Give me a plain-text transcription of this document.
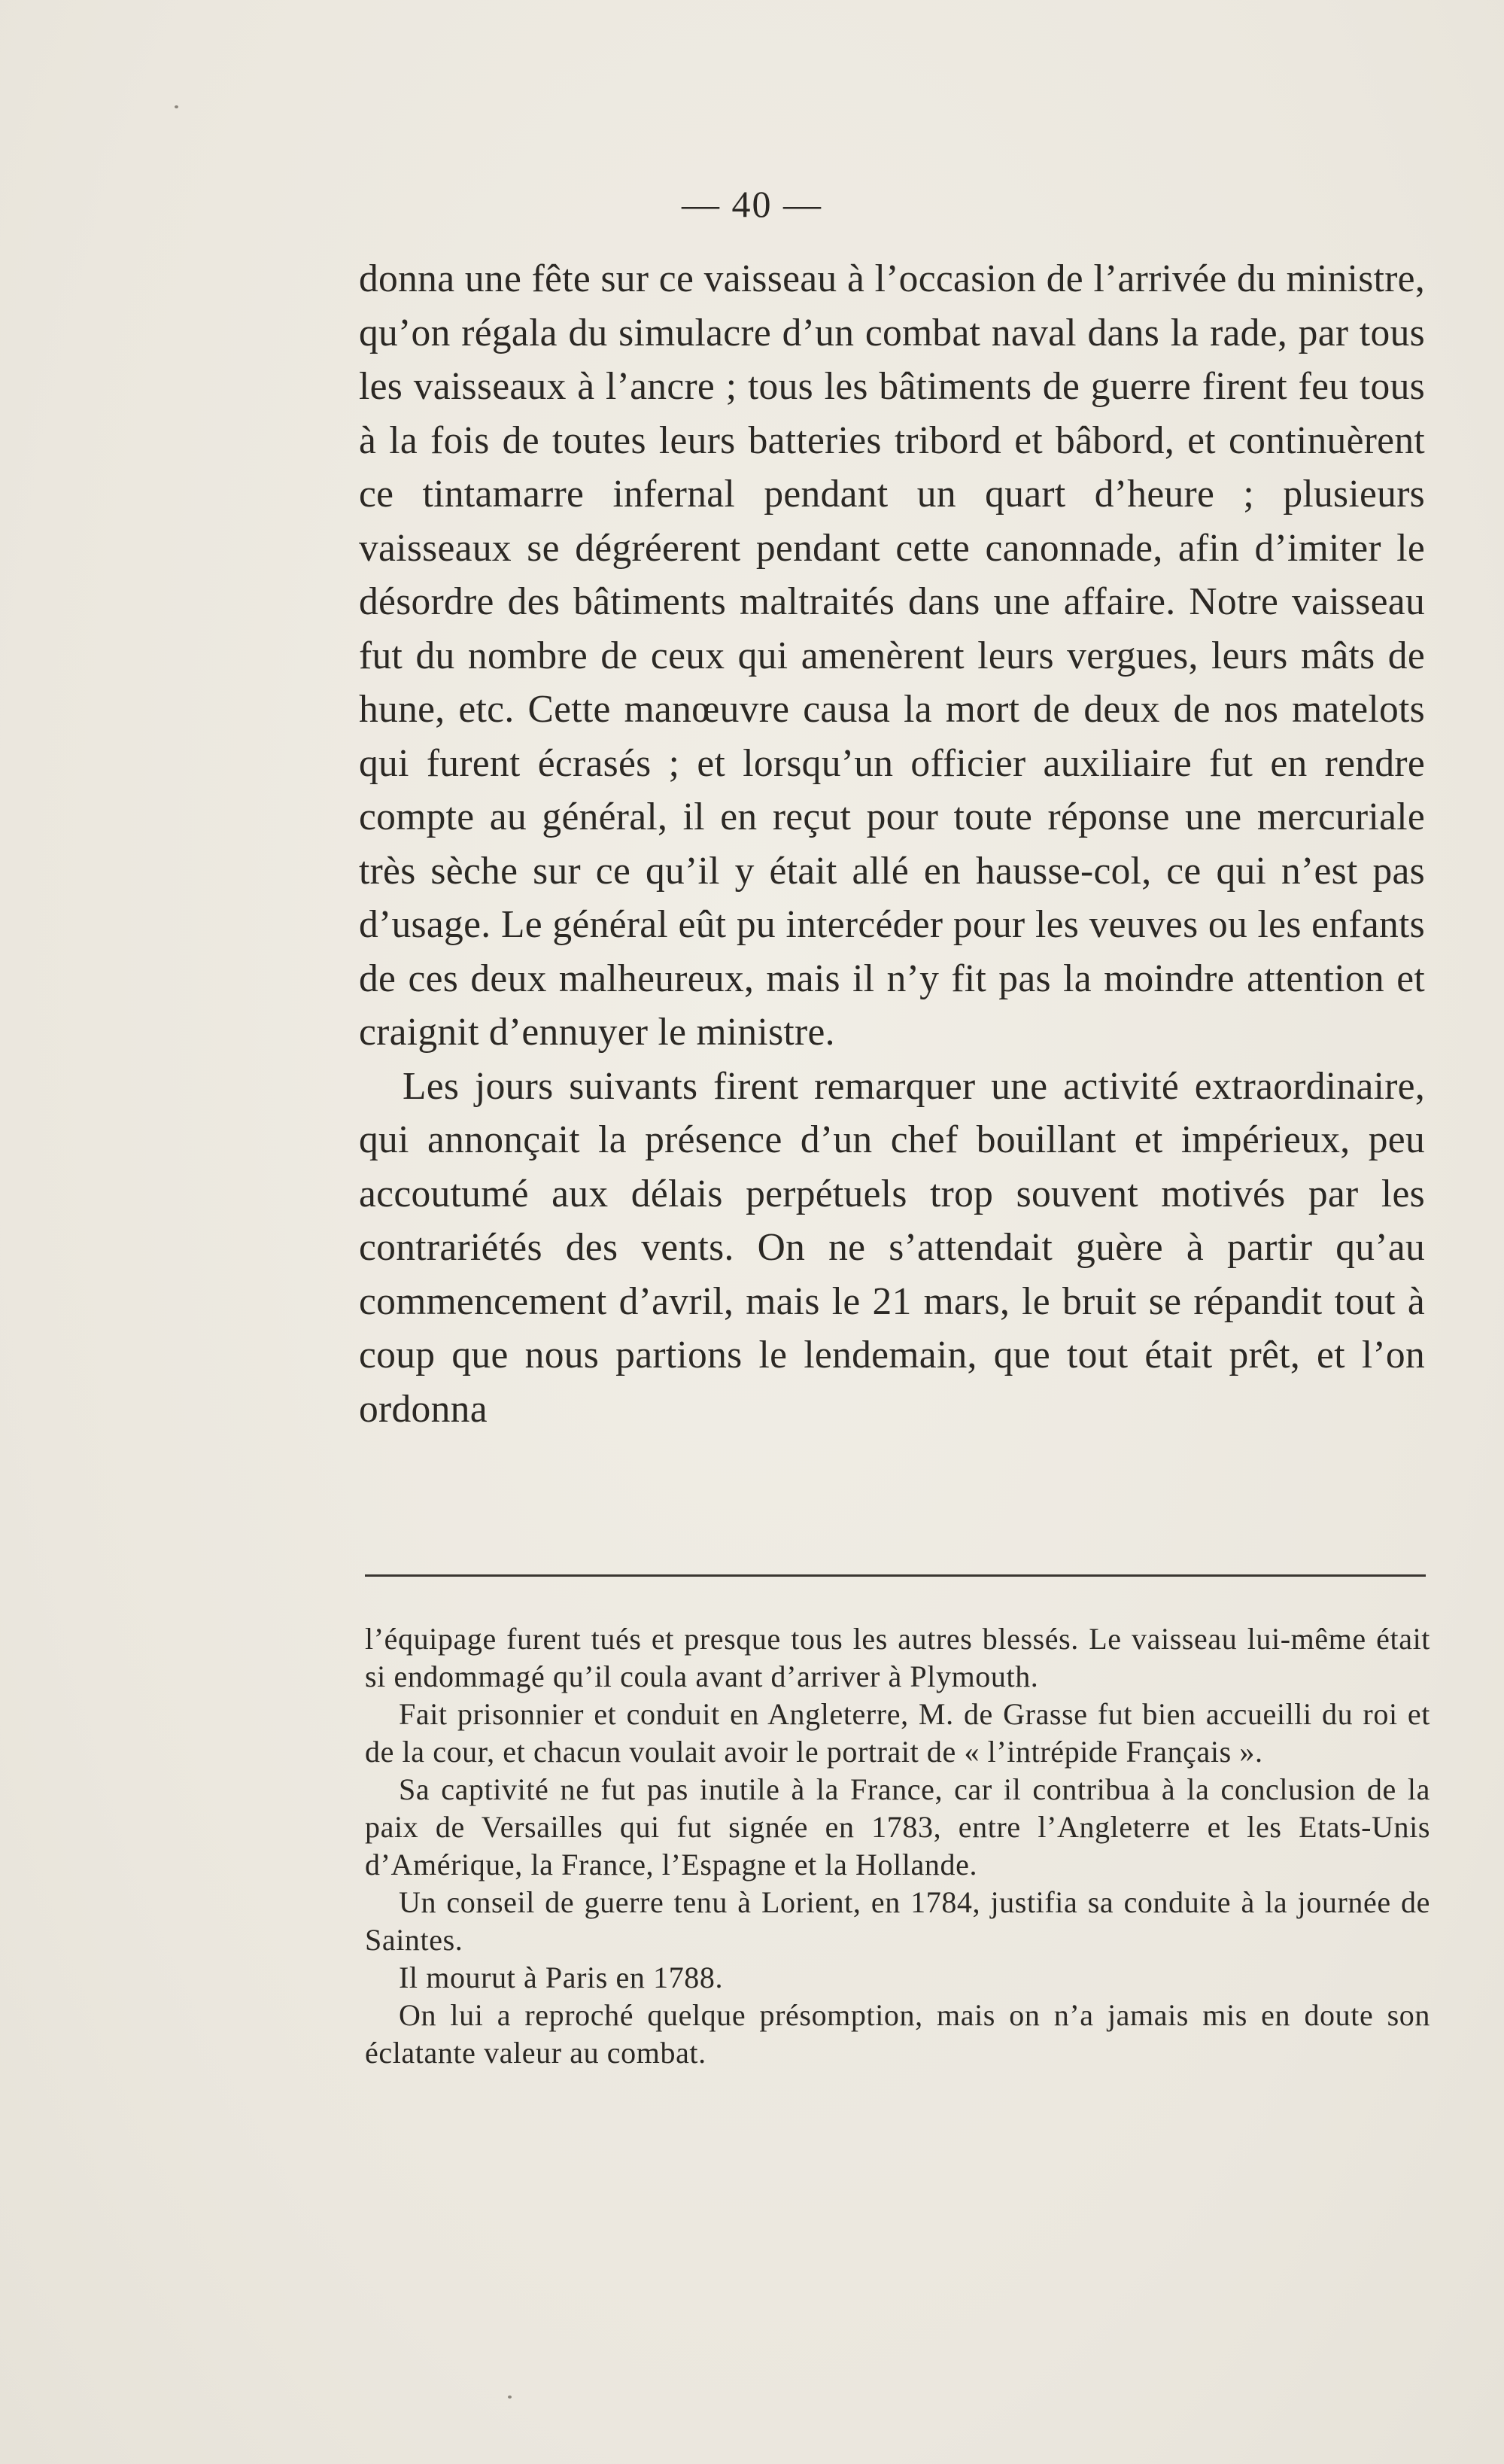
— 40 —

donna une fête sur ce vaisseau à l’occasion de l’arrivée du ministre, qu’on régala du simulacre d’un combat naval dans la rade, par tous les vaisseaux à l’ancre ; tous les bâtiments de guerre firent feu tous à la fois de toutes leurs batteries tribord et bâbord, et continuèrent ce tintamarre infernal pendant un quart d’heure ; plusieurs vaisseaux se dégréerent pendant cette canonnade, afin d’imiter le désordre des bâtiments maltraités dans une affaire. Notre vaisseau fut du nombre de ceux qui amenèrent leurs vergues, leurs mâts de hune, etc. Cette manœuvre causa la mort de deux de nos matelots qui furent écrasés ; et lorsqu’un officier auxiliaire fut en rendre compte au général, il en reçut pour toute réponse une mercuriale très sèche sur ce qu’il y était allé en hausse-col, ce qui n’est pas d’usage. Le général eût pu intercéder pour les veuves ou les enfants de ces deux malheureux, mais il n’y fit pas la moindre attention et craignit d’ennuyer le ministre.

Les jours suivants firent remarquer une activité extraordinaire, qui annonçait la présence d’un chef bouillant et impérieux, peu accoutumé aux délais perpétuels trop souvent motivés par les contrariétés des vents. On ne s’attendait guère à partir qu’au commencement d’avril, mais le 21 mars, le bruit se répandit tout à coup que nous partions le lendemain, que tout était prêt, et l’on ordonna

l’équipage furent tués et presque tous les autres blessés. Le vaisseau lui-même était si endommagé qu’il coula avant d’arriver à Plymouth.

Fait prisonnier et conduit en Angleterre, M. de Grasse fut bien accueilli du roi et de la cour, et chacun voulait avoir le portrait de « l’intrépide Français ».

Sa captivité ne fut pas inutile à la France, car il contribua à la conclusion de la paix de Versailles qui fut signée en 1783, entre l’Angleterre et les Etats-Unis d’Amérique, la France, l’Espagne et la Hollande.

Un conseil de guerre tenu à Lorient, en 1784, justifia sa conduite à la journée de Saintes.

Il mourut à Paris en 1788.

On lui a reproché quelque présomption, mais on n’a jamais mis en doute son éclatante valeur au combat.
